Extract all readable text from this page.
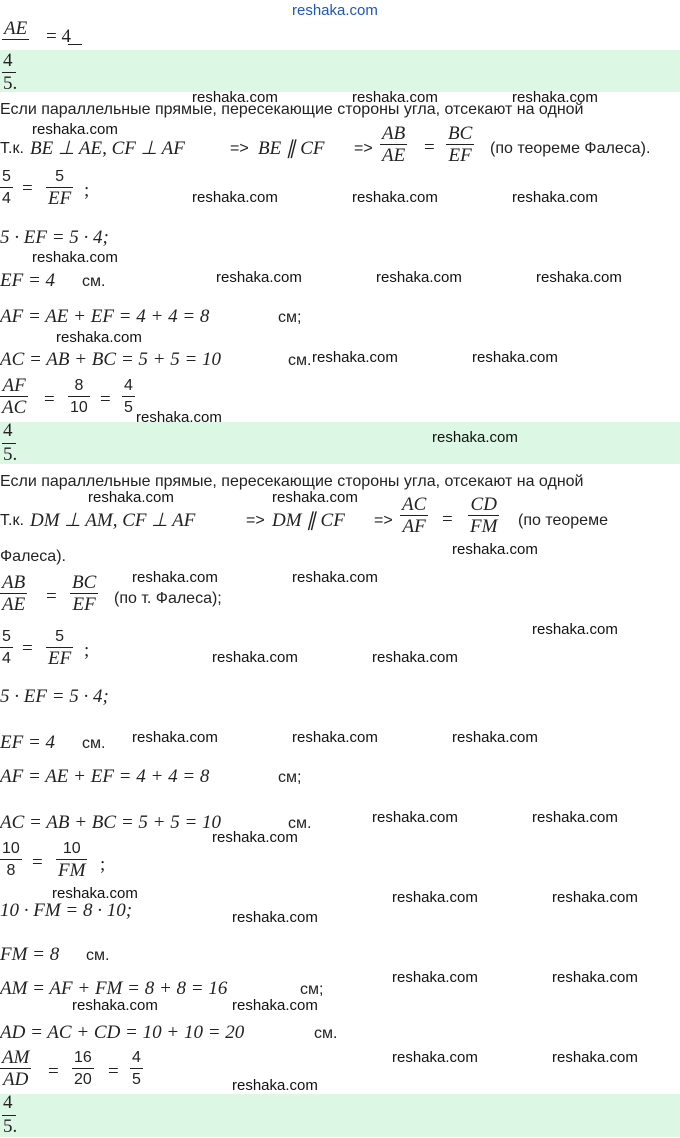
reshaka.com
AE
= 4
4
5.
Если параллельные прямые, пересекающие стороны угла, отсекают на одной
Т.к. BE ⊥ AE, CF ⊥ AF	=> BE ∥ CF => $\frac{AB}{AE} = \frac{BC}{EF} (по$ теореме Фалеса).
$\frac{5}{4}$ =
5
EF ;
5 · EF = 5 · 4;
EF = 4 см.
AF = AE + EF = 4 + 4 = 8	см;
AC = AB + BC = 5 + 5 = 10	см.
$\frac{AF}{AC} = \frac{8}{10} = \frac{4}{5}$
4
5.
Если параллельные прямые, пересекающие стороны угла, отсекают на одной
Т.к. DM ⊥ AM, CF ⊥ AF	=> DM ∥ CF => $\frac{AC}{AF} = \frac{CD}{FM} (по$ теореме
Фалеса).
$\frac{AB}{AE} = \frac{BC}{EF} (по$ т. Фалеса);
$\frac{5}{4}$ =
5
EF ;
5 · EF = 5 · 4;
EF = 4 см.
AF = AE + EF = 4 + 4 = 8	см;
AC = AB + BC = 5 + 5 = 10	см.
$\frac{10}{8}$ =
10
FM ;
10 · FM = 8 · 10;
FM = 8 см.
AM = AF + FM = 8 + 8 = 16	см;
AD = AC + CD = 10 + 10 = 20	см.
$\frac{AM}{AD} = \frac{16}{20} = \frac{4}{5}$
4
5.
reshaka.com	reshaka.com	reshaka.com
reshaka.com
reshaka.com	reshaka.com	reshaka.com
reshaka.com
reshaka.com	reshaka.com	reshaka.com
reshaka.com
reshaka.com	reshaka.com
reshaka.com
reshaka.com
reshaka.com	reshaka.com
reshaka.com
reshaka.com	reshaka.com
reshaka.com
reshaka.com	reshaka.com
reshaka.com	reshaka.com	reshaka.com
reshaka.com	reshaka.com
reshaka.com
reshaka.com	reshaka.com	reshaka.com
reshaka.com
reshaka.com	reshaka.com
reshaka.com	reshaka.com
reshaka.com	reshaka.com
reshaka.com
